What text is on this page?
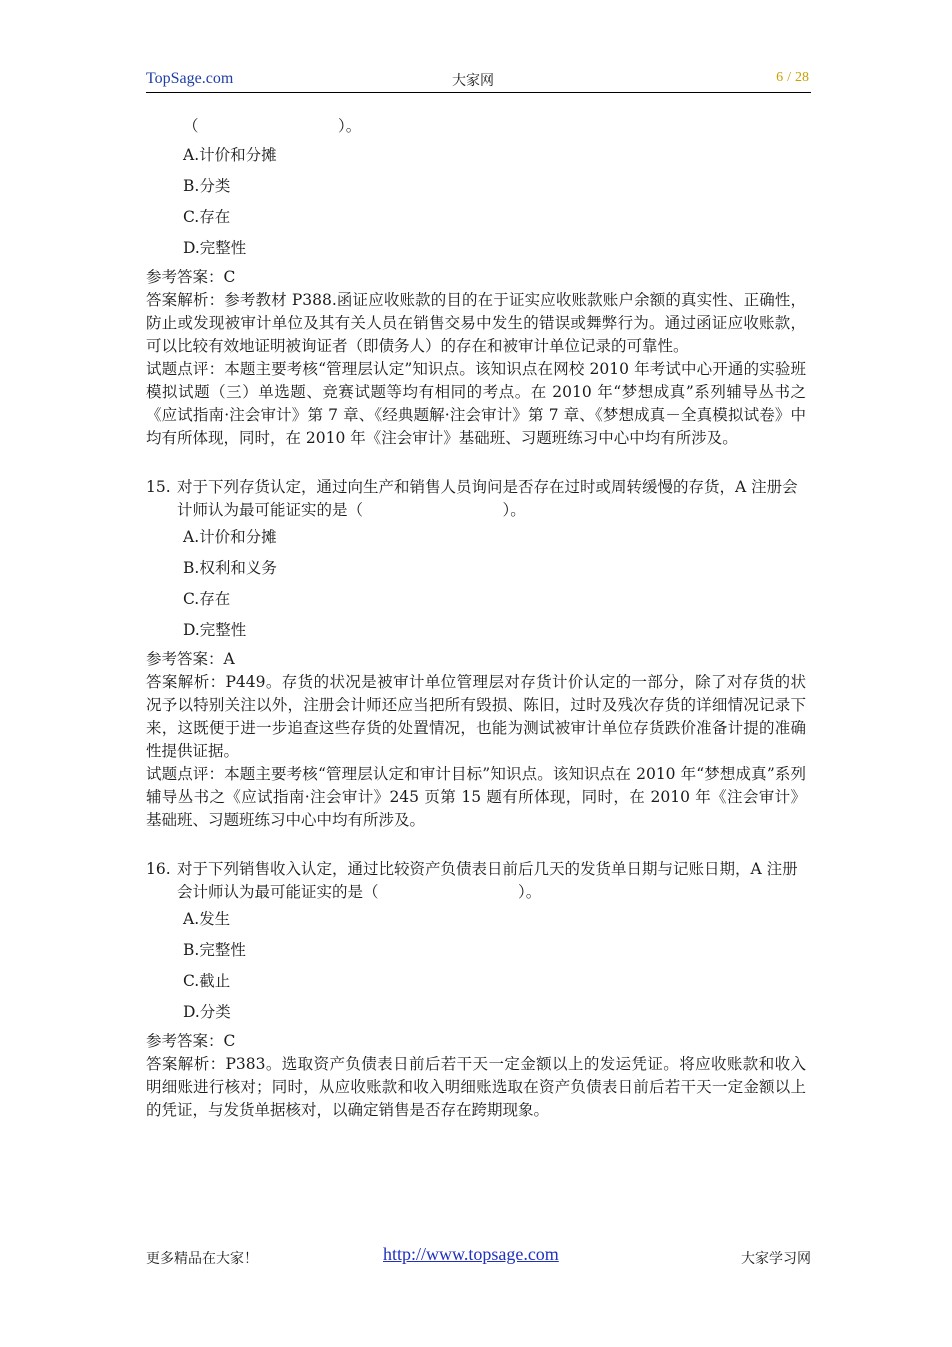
TopSage.com	大家网	6 / 28
（　　　　　　　　　）。
A.计价和分摊
B.分类
C.存在
D.完整性
参考答案：C
答案解析：参考教材 P388.函证应收账款的目的在于证实应收账款账户余额的真实性、正确性，防止或发现被审计单位及其有关人员在销售交易中发生的错误或舞弊行为。通过函证应收账款，可以比较有效地证明被询证者（即债务人）的存在和被审计单位记录的可靠性。
试题点评：本题主要考核“管理层认定”知识点。该知识点在网校 2010 年考试中心开通的实验班模拟试题（三）单选题、竞赛试题等均有相同的考点。在 2010 年“梦想成真”系列辅导丛书之《应试指南·注会审计》第 7 章、《经典题解·注会审计》第 7 章、《梦想成真－全真模拟试卷》中均有所体现，同时，在 2010 年《注会审计》基础班、习题班练习中心中均有所涉及。
15. 对于下列存货认定，通过向生产和销售人员询问是否存在过时或周转缓慢的存货，A 注册会计师认为最可能证实的是（　　　　　　　　　）。
A.计价和分摊
B.权利和义务
C.存在
D.完整性
参考答案：A
答案解析：P449。存货的状况是被审计单位管理层对存货计价认定的一部分，除了对存货的状况予以特别关注以外，注册会计师还应当把所有毁损、陈旧，过时及残次存货的详细情况记录下来，这既便于进一步追查这些存货的处置情况，也能为测试被审计单位存货跌价准备计提的准确性提供证据。
试题点评：本题主要考核“管理层认定和审计目标”知识点。该知识点在 2010 年“梦想成真”系列辅导丛书之《应试指南·注会审计》245 页第 15 题有所体现，同时，在 2010 年《注会审计》基础班、习题班练习中心中均有所涉及。
16. 对于下列销售收入认定，通过比较资产负债表日前后几天的发货单日期与记账日期，A 注册会计师认为最可能证实的是（　　　　　　　　　）。
A.发生
B.完整性
C.截止
D.分类
参考答案：C
答案解析：P383。选取资产负债表日前后若干天一定金额以上的发运凭证。将应收账款和收入明细账进行核对；同时，从应收账款和收入明细账选取在资产负债表日前后若干天一定金额以上的凭证，与发货单据核对，以确定销售是否存在跨期现象。
更多精品在大家！	http://www.topsage.com	大家学习网
